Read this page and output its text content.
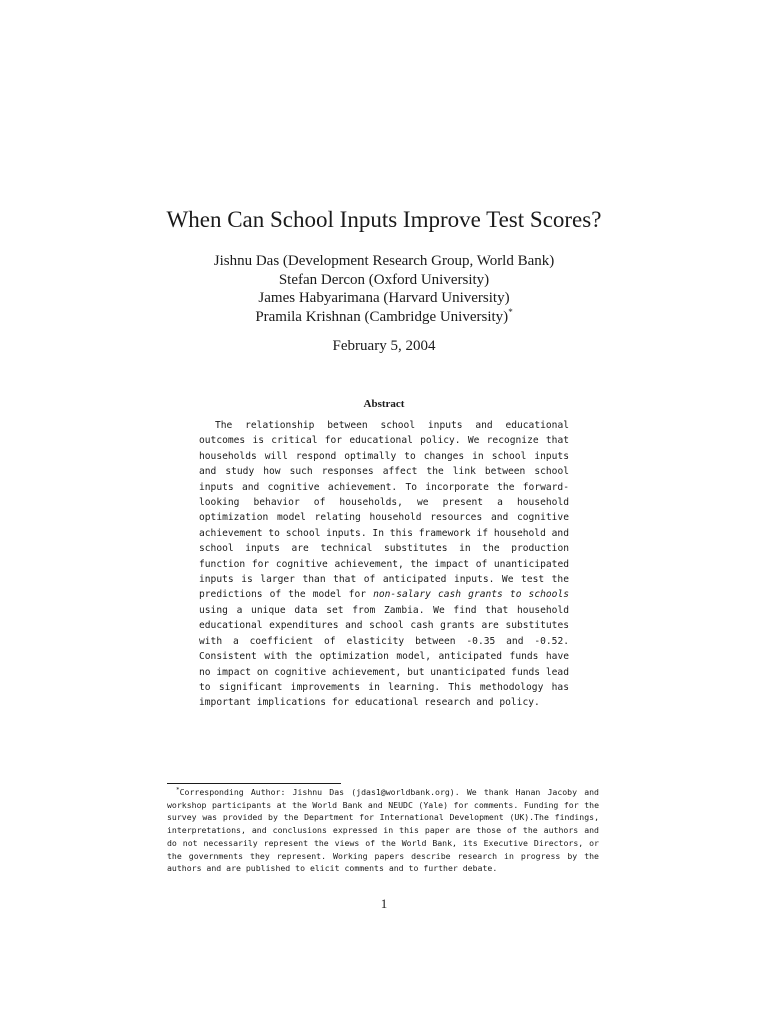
When Can School Inputs Improve Test Scores?
Jishnu Das (Development Research Group, World Bank)
Stefan Dercon (Oxford University)
James Habyarimana (Harvard University)
Pramila Krishnan (Cambridge University)*
February 5, 2004
Abstract

The relationship between school inputs and educational outcomes is critical for educational policy. We recognize that households will respond optimally to changes in school inputs and study how such responses affect the link between school inputs and cognitive achievement. To incorporate the forward-looking behavior of households, we present a household optimization model relating household resources and cognitive achievement to school inputs. In this framework if household and school inputs are technical substitutes in the production function for cognitive achievement, the impact of unanticipated inputs is larger than that of anticipated inputs. We test the predictions of the model for non-salary cash grants to schools using a unique data set from Zambia. We find that household educational expenditures and school cash grants are substitutes with a coefficient of elasticity between -0.35 and -0.52. Consistent with the optimization model, anticipated funds have no impact on cognitive achievement, but unanticipated funds lead to significant improvements in learning. This methodology has important implications for educational research and policy.

*Corresponding Author: Jishnu Das (jdas1@worldbank.org). We thank Hanan Jacoby and workshop participants at the World Bank and NEUDC (Yale) for comments. Funding for the survey was provided by the Department for International Development (UK).The findings, interpretations, and conclusions expressed in this paper are those of the authors and do not necessarily represent the views of the World Bank, its Executive Directors, or the governments they represent. Working papers describe research in progress by the authors and are published to elicit comments and to further debate.

1
